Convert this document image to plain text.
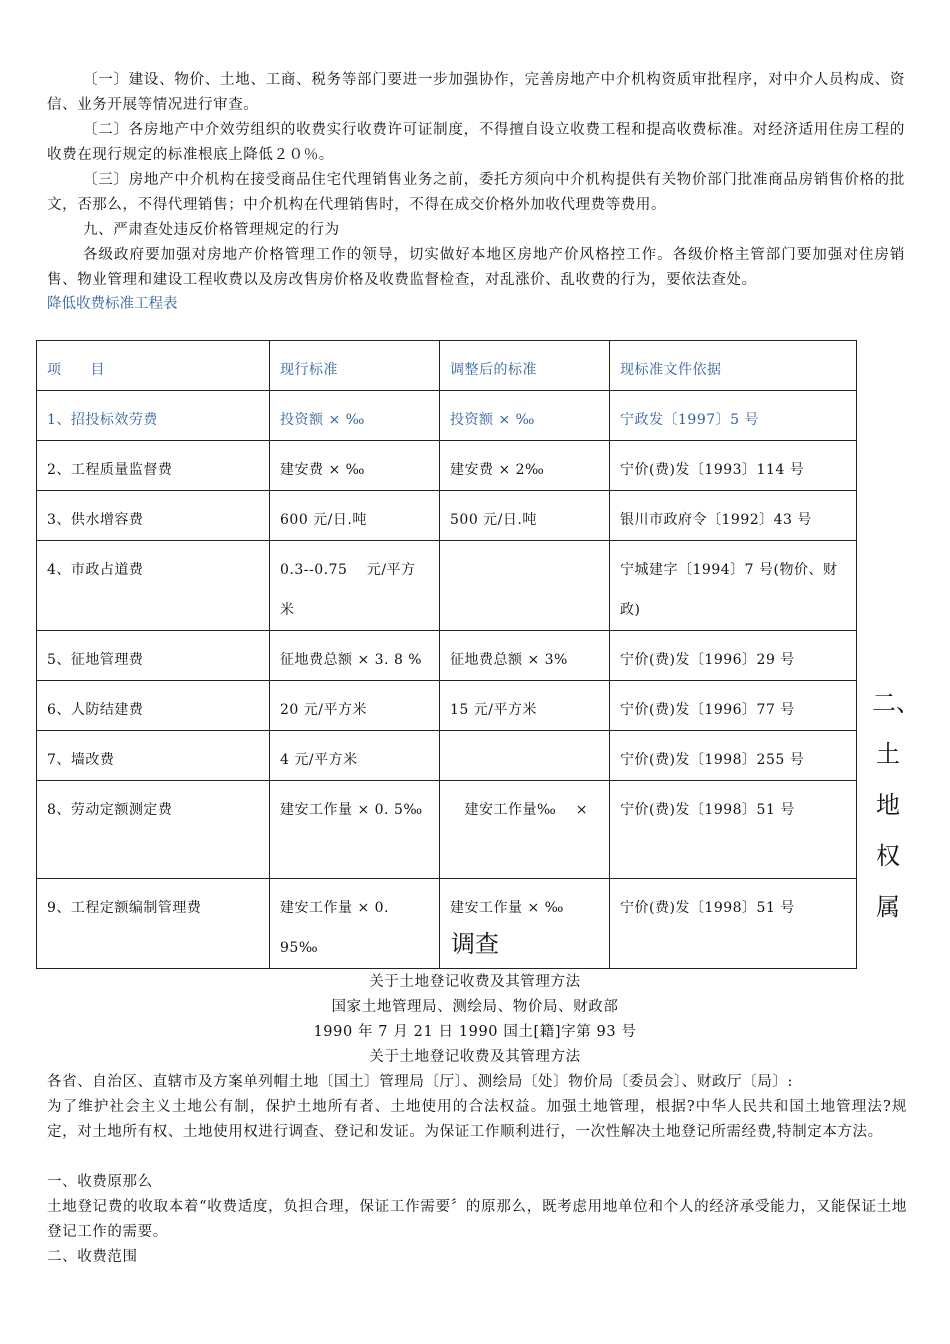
〔一〕建设、物价、土地、工商、税务等部门要进一步加强协作，完善房地产中介机构资质审批程序，对中介人员构成、资信、业务开展等情况进行审查。

〔二〕各房地产中介效劳组织的收费实行收费许可证制度，不得擅自设立收费工程和提高收费标准。对经济适用住房工程的收费在现行规定的标准根底上降低２０％。

〔三〕房地产中介机构在接受商品住宅代理销售业务之前，委托方须向中介机构提供有关物价部门批准商品房销售价格的批文，否那么，不得代理销售；中介机构在代理销售时，不得在成交价格外加收代理费等费用。

九、严肃查处违反价格管理规定的行为

各级政府要加强对房地产价格管理工作的领导，切实做好本地区房地产价风格控工作。各级价格主管部门要加强对住房销售、物业管理和建设工程收费以及房改售房价格及收费监督检查，对乱涨价、乱收费的行为，要依法查处。

降低收费标准工程表
项　　目	现行标准	调整后的标准	现标准文件依据
1、招投标效劳费	投资额 × ‰	投资额 × ‰	宁政发〔1997〕5 号
2、工程质量监督费	建安费 × ‰	建安费 × 2‰	宁价(费)发〔1993〕114 号
3、供水增容费	600 元/日.吨	500 元/日.吨	银川市政府令〔1992〕43 号
4、市政占道费	0.3--0.75　 元/平方米		宁城建字〔1994〕7 号(物价、财政)
5、征地管理费	征地费总额 × 3. 8 %	征地费总额 × 3%	宁价(费)发〔1996〕29 号
6、人防结建费	20 元/平方米	15 元/平方米	宁价(费)发〔1996〕77 号
7、墙改费	4 元/平方米		宁价(费)发〔1998〕255 号
8、劳动定额测定费	建安工作量 × 0. 5‰	　建安工作量‰　 ×	宁价(费)发〔1998〕51 号
9、工程定额编制管理费	建安工作量 × 0. 95‰	建安工作量 × ‰	宁价(费)发〔1998〕51 号
二、
土
地
权
属
调查
关于土地登记收费及其管理方法
国家土地管理局、测绘局、物价局、财政部
1990 年 7 月 21 日 1990 国土[籍]字第 93 号
关于土地登记收费及其管理方法

各省、自治区、直辖市及方案单列帽土地〔国土〕管理局〔厅〕、测绘局〔处〕物价局〔委员会〕、财政厅〔局〕:

为了维护社会主义土地公有制，保护土地所有者、土地使用的合法权益。加强土地管理，根据?中华人民共和国土地管理法?规定，对土地所有权、土地使用权进行调查、登记和发证。为保证工作顺利进行，一次性解决土地登记所需经费,特制定本方法。

一、收费原那么

土地登记费的收取本着“收费适度，负担合理，保证工作需要〞的原那么，既考虑用地单位和个人的经济承受能力，又能保证土地登记工作的需要。

二、收费范围
